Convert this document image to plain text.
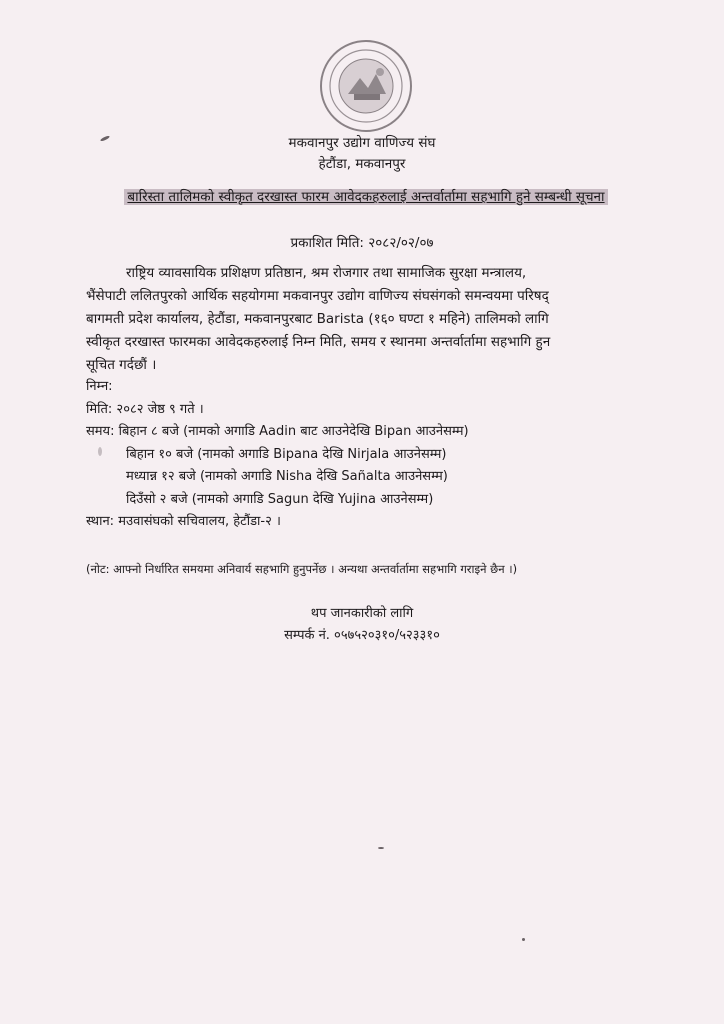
मकवानपुर उद्योग वाणिज्य संघ
हेटौंडा, मकवानपुर
बारिस्ता तालिमको स्वीकृत दरखास्त फारम आवेदकहरुलाई अन्तर्वार्तामा सहभागि हुने सम्बन्धी सूचना
प्रकाशित मिति: २०८२/०२/०७
राष्ट्रिय व्यावसायिक प्रशिक्षण प्रतिष्ठान, श्रम रोजगार तथा सामाजिक सुरक्षा मन्त्रालय,
भैंसेपाटी ललितपुरको आर्थिक सहयोगमा मकवानपुर उद्योग वाणिज्य संघसंगको समन्वयमा परिषद्
बागमती प्रदेश कार्यालय, हेटौंडा, मकवानपुरबाट Barista (१६० घण्टा १ महिने) तालिमको लागि
स्वीकृत दरखास्त फारमका आवेदकहरुलाई निम्न मिति, समय र स्थानमा अन्तर्वार्तामा सहभागि हुन
सूचित गर्दछौं ।
निम्न:
मिति: २०८२ जेष्ठ ९ गते ।
समय: बिहान ८ बजे (नामको अगाडि Aadin बाट आउनेदेखि Bipan आउनेसम्म)
बिहान १० बजे (नामको अगाडि Bipana देखि Nirjala आउनेसम्म)
मध्यान्न १२ बजे (नामको अगाडि Nisha देखि Sañalta आउनेसम्म)
दिउँसो २ बजे (नामको अगाडि Sagun देखि Yujina आउनेसम्म)
स्थान: मउवासंघको सचिवालय, हेटौंडा-२ ।
(नोट: आफ्नो निर्धारित समयमा अनिवार्य सहभागि हुनुपर्नेछ । अन्यथा अन्तर्वार्तामा सहभागि गराइने छैन ।)
थप जानकारीको लागि
सम्पर्क नं. ०५७५२०३१०/५२३३१०
